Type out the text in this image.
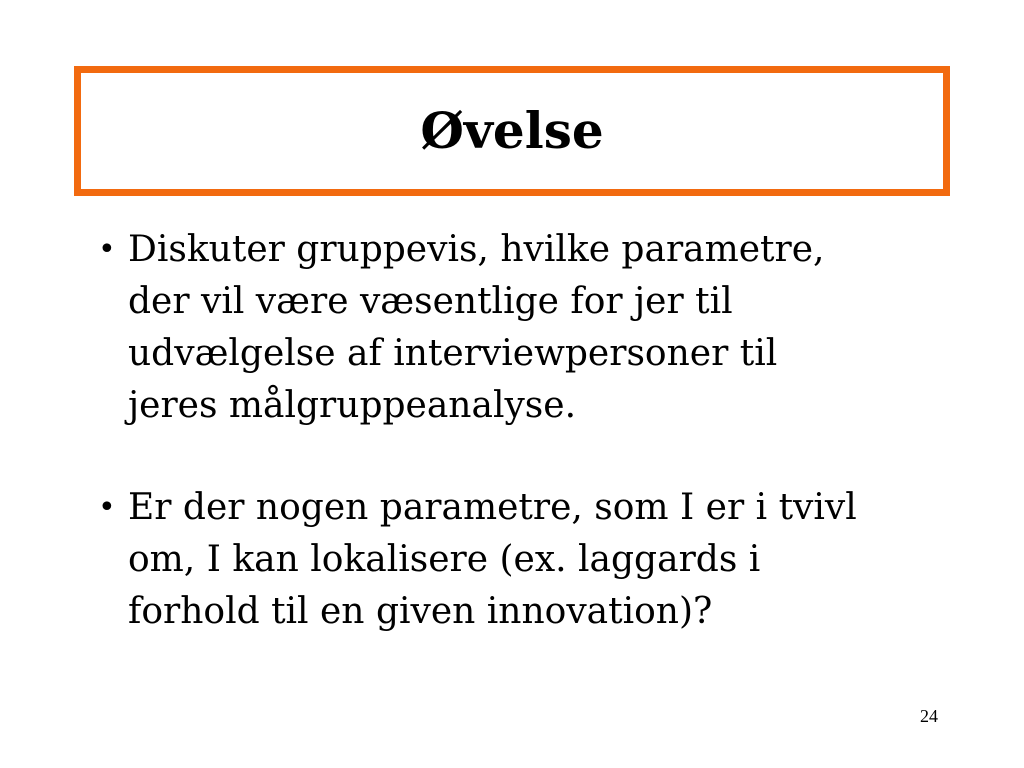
Øvelse
• Diskuter gruppevis, hvilke parametre,
der vil være væsentlige for jer til
udvælgelse af interviewpersoner til
jeres målgruppeanalyse.
• Er der nogen parametre, som I er i tvivl
om, I kan lokalisere (ex. laggards i
forhold til en given innovation)?
24
